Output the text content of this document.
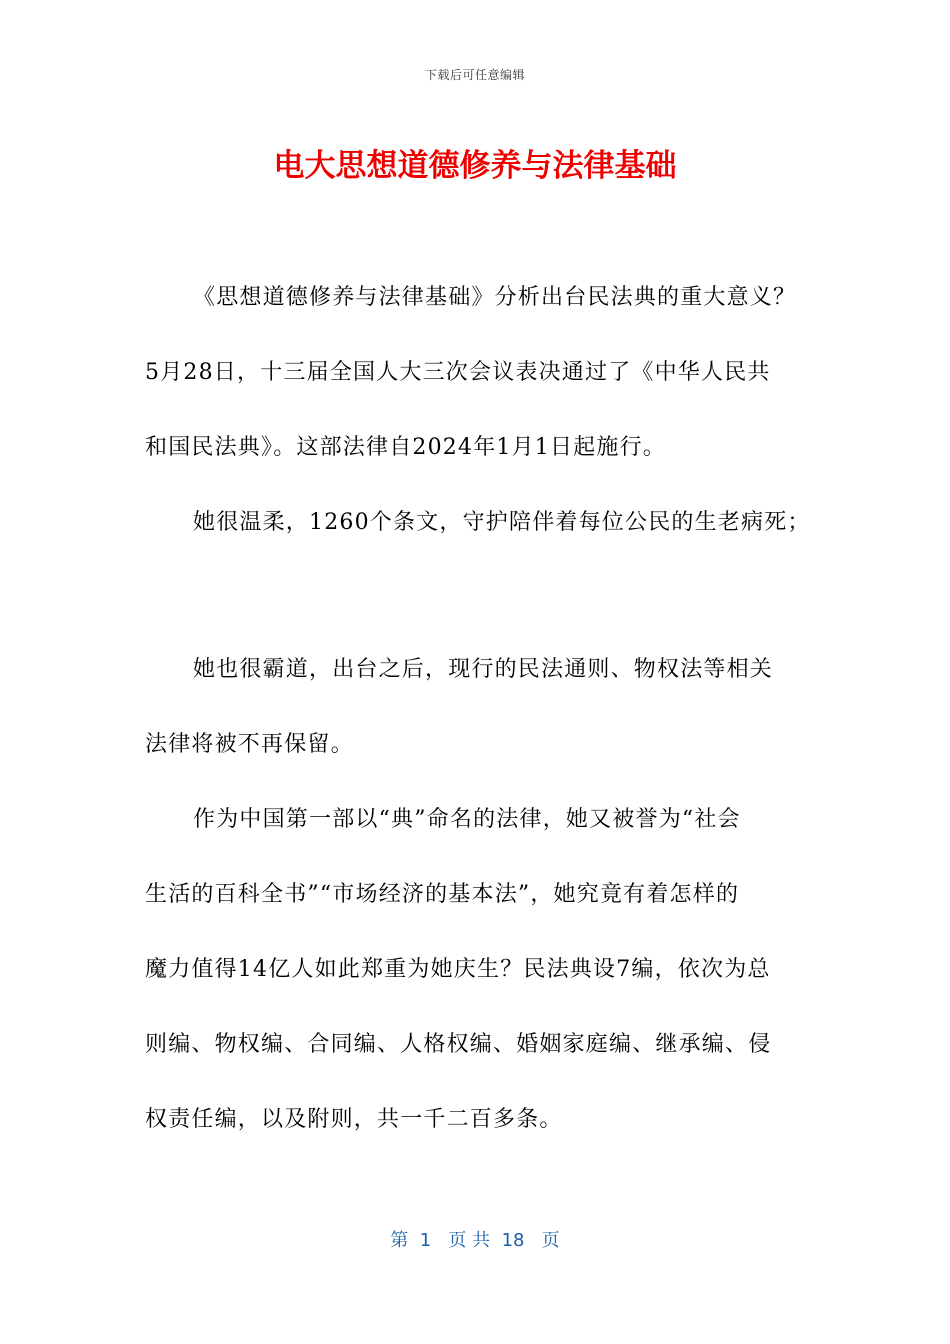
下载后可任意编辑
电大思想道德修养与法律基础

《思想道德修养与法律基础》分析出台民法典的重大意义？

5月28日，十三届全国人大三次会议表决通过了《中华人民共

和国民法典》。这部法律自2024年1月1日起施行。

她很温柔，1260个条文，守护陪伴着每位公民的生老病死；

她也很霸道，出台之后，现行的民法通则、物权法等相关

法律将被不再保留。

作为中国第一部以“典”命名的法律，她又被誉为“社会

生活的百科全书”“市场经济的基本法”，她究竟有着怎样的

魔力值得14亿人如此郑重为她庆生？民法典设7编，依次为总

则编、物权编、合同编、人格权编、婚姻家庭编、继承编、侵

权责任编，以及附则，共一千二百多条。

第  1   页 共  18   页
